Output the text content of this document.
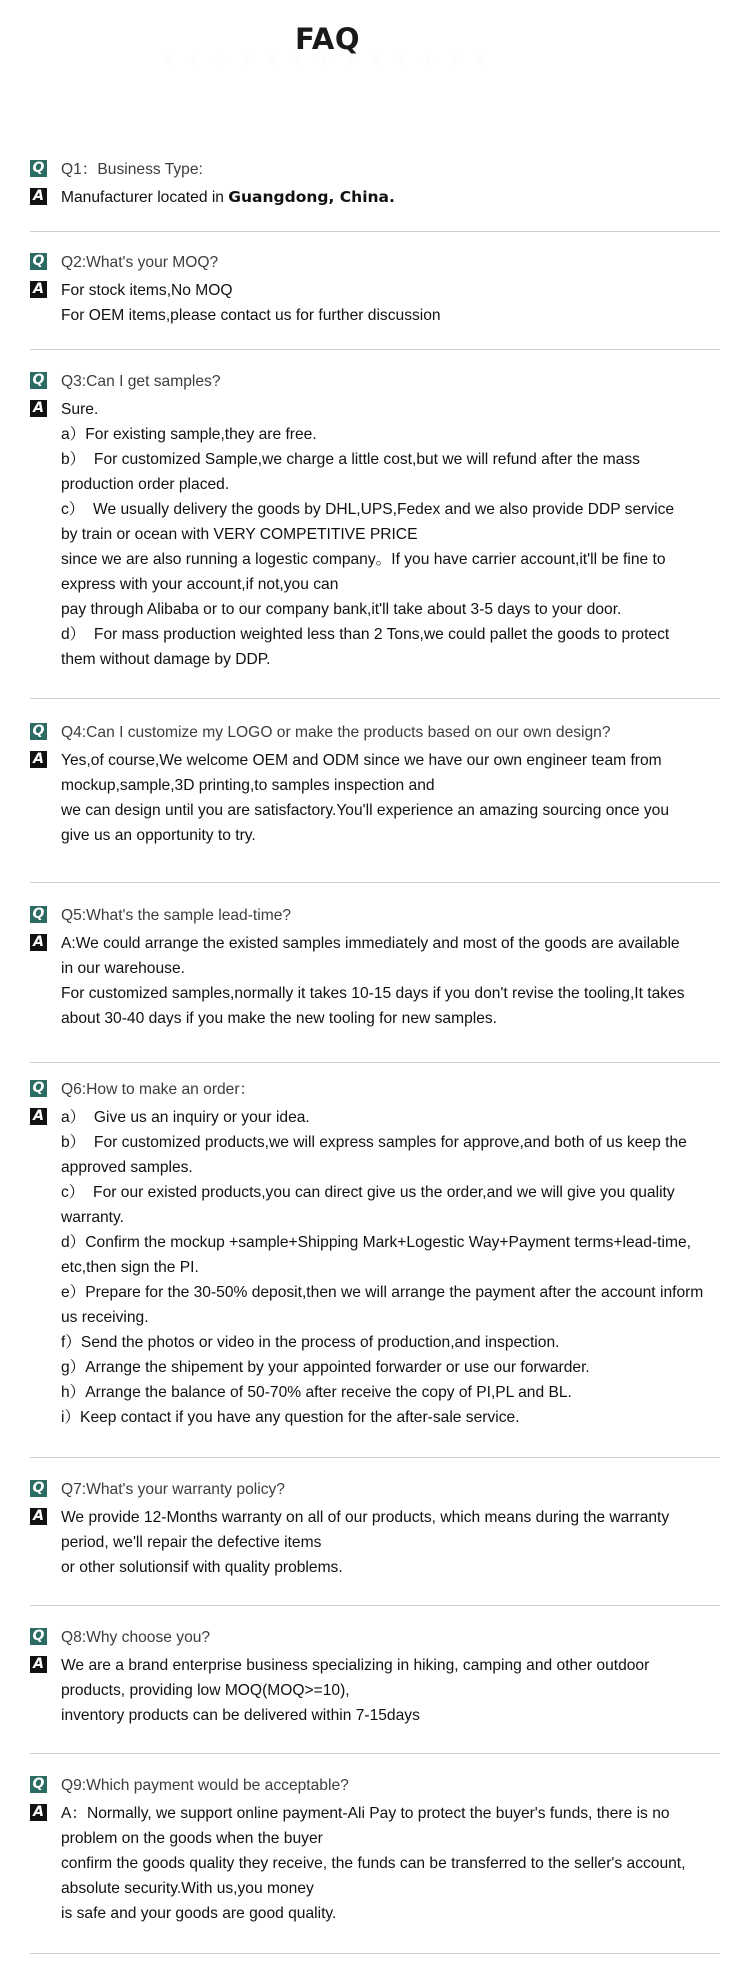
FAQ
· · · · · · · · · · · · ·
Q Q1：Business Type:
A Manufacturer located in Guangdong, China.
Q Q2:What's your MOQ?
A For stock items,No MOQ
For OEM items,please contact us for further discussion
Q Q3:Can I get samples?
A Sure.
a）For existing sample,they are free.
b）  For customized Sample,we charge a little cost,but we will refund after the mass
production order placed.
c）  We usually delivery the goods by DHL,UPS,Fedex and we also provide DDP service
by train or ocean with VERY COMPETITIVE PRICE
since we are also running a logestic company。If you have carrier account,it'll be fine to
express with your account,if not,you can
pay through Alibaba or to our company bank,it'll take about 3-5 days to your door.
d）  For mass production weighted less than 2 Tons,we could pallet the goods to protect
them without damage by DDP.
Q Q4:Can I customize my LOGO or make the products based on our own design?
A Yes,of course,We welcome OEM and ODM since we have our own engineer team from
mockup,sample,3D printing,to samples inspection and
we can design until you are satisfactory.You'll experience an amazing sourcing once you
give us an opportunity to try.
Q Q5:What's the sample lead-time?
A A:We could arrange the existed samples immediately and most of the goods are available
in our warehouse.
For customized samples,normally it takes 10-15 days if you don't revise the tooling,It takes
about 30-40 days if you make the new tooling for new samples.
Q Q6:How to make an order：
A a）  Give us an inquiry or your idea.
b）  For customized products,we will express samples for approve,and both of us keep the
approved samples.
c）  For our existed products,you can direct give us the order,and we will give you quality
warranty.
d）Confirm the mockup +sample+Shipping Mark+Logestic Way+Payment terms+lead-time,
etc,then sign the PI.
e）Prepare for the 30-50% deposit,then we will arrange the payment after the account inform
us receiving.
f）Send the photos or video in the process of production,and inspection.
g）Arrange the shipement by your appointed forwarder or use our forwarder.
h）Arrange the balance of 50-70% after receive the copy of PI,PL and BL.
i）Keep contact if you have any question for the after-sale service.
Q Q7:What's your warranty policy?
A We provide 12-Months warranty on all of our products, which means during the warranty
period, we'll repair the defective items
or other solutionsif with quality problems.
Q Q8:Why choose you?
A We are a brand enterprise business specializing in hiking, camping and other outdoor
products, providing low MOQ(MOQ>=10),
inventory products can be delivered within 7-15days
Q Q9:Which payment would be acceptable?
A A：Normally, we support online payment-Ali Pay to protect the buyer's funds, there is no
problem on the goods when the buyer
confirm the goods quality they receive, the funds can be transferred to the seller's account,
absolute security.With us,you money
is safe and your goods are good quality.
